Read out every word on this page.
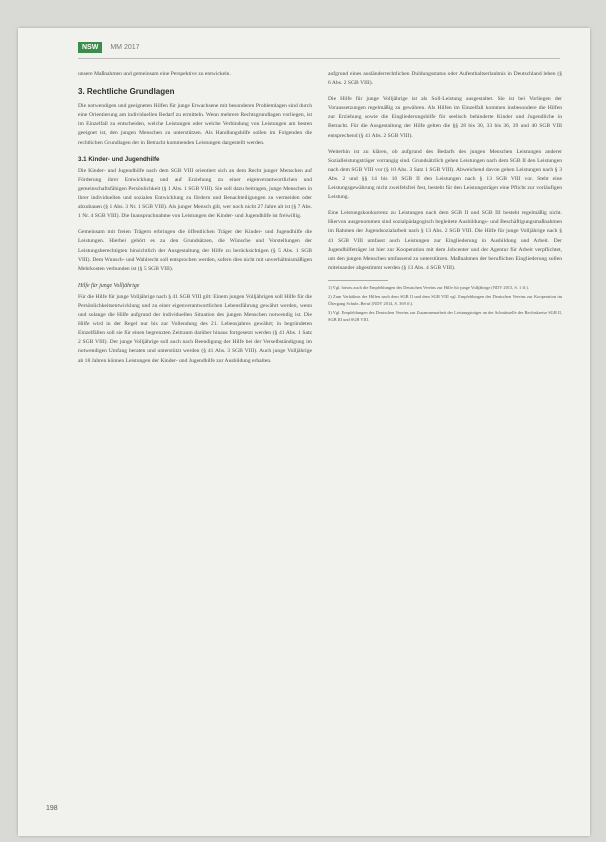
NSW	MM 2017

unsere Maßnahmen und gemeinsam eine Perspektive zu entwickeln.

3. Rechtliche Grundlagen

Die notwendigen und geeigneten Hilfen für junge Erwachsene mit besonderen Problemlagen sind durch eine Orientierung am individuellen Bedarf zu ermitteln. Wenn mehrere Rechtsgrundlagen vorliegen, ist im Einzelfall zu entscheiden, welche Leistungen oder welche Verbindung von Leistungen am besten geeignet ist, den jungen Menschen zu unterstützen. Als Handlungshilfe sollen im Folgenden die rechtlichen Grundlagen der in Betracht kommenden Leistungen dargestellt werden.

3.1 Kinder- und Jugendhilfe

Die Kinder- und Jugendhilfe nach dem SGB VIII orientiert sich an dem Recht junger Menschen auf Förderung ihrer Entwicklung und auf Erziehung zu einer eigenverantwortlichen und gemeinschaftsfähigen Persönlichkeit (§ 1 Abs. 1 SGB VIII). Sie soll dazu beitragen, junge Menschen in ihrer individuellen und sozialen Entwicklung zu fördern und Benachteiligungen zu vermeiden oder abzubauen (§ 1 Abs. 3 Nr. 1 SGB VIII). Als junger Mensch gilt, wer noch nicht 27 Jahre alt ist (§ 7 Abs. 1 Nr. 4 SGB VIII). Die Inanspruchnahme von Leistungen der Kinder- und Jugendhilfe ist freiwillig.

Gemeinsam mit freien Trägern erbringen die öffentlichen Träger der Kinder- und Jugendhilfe die Leistungen. Hierbei gehört es zu den Grundsätzen, die Wünsche und Vorstellungen der Leistungsberechtigten hinsichtlich der Ausgestaltung der Hilfe zu berücksichtigen (§ 5 Abs. 1 SGB VIII). Dem Wunsch- und Wahlrecht soll entsprochen werden, sofern dies nicht mit unverhältnismäßigen Mehrkosten verbunden ist (§ 5 SGB VIII).

Hilfe für junge Volljährige

Für die Hilfe für junge Volljährige nach § 41 SGB VIII gilt: Einem jungen Volljährigen soll Hilfe für die Persönlichkeitsentwicklung und zu einer eigenverantwortlichen Lebensführung gewährt werden, wenn und solange die Hilfe aufgrund der individuellen Situation des jungen Menschen notwendig ist. Die Hilfe wird in der Regel nur bis zur Vollendung des 21. Lebensjahres gewährt; in begründeten Einzelfällen soll sie für einen begrenzten Zeitraum darüber hinaus fortgesetzt werden (§ 41 Abs. 1 Satz 2 SGB VIII). Der junge Volljährige soll auch nach Beendigung der Hilfe bei der Verselbständigung im notwendigen Umfang beraten und unterstützt werden (§ 41 Abs. 3 SGB VIII). Auch junge Volljährige ab 18 Jahren können Leistungen der Kinder- und Jugendhilfe zur Ausbildung erhalten.

aufgrund eines ausländerrechtlichen Duldungsstatus oder Aufenthaltserlaubnis in Deutschland leben (§ 6 Abs. 2 SGB VIII).

Die Hilfe für junge Volljährige ist als Soll-Leistung ausgestaltet. Sie ist bei Vorliegen der Voraussetzungen regelmäßig zu gewähren. Als Hilfen im Einzelfall kommen insbesondere die Hilfen zur Erziehung sowie die Eingliederungshilfe für seelisch behinderte Kinder und Jugendliche in Betracht. Für die Ausgestaltung der Hilfe gelten die §§ 28 bis 30, 33 bis 36, 39 und 40 SGB VIII entsprechend (§ 41 Abs. 2 SGB VIII).

Weiterhin ist zu klären, ob aufgrund des Bedarfs des jungen Menschen Leistungen anderer Sozialleistungsträger vorrangig sind. Grundsätzlich gehen Leistungen nach dem SGB II den Leistungen nach dem SGB VIII vor (§ 10 Abs. 3 Satz 1 SGB VIII). Abweichend davon gehen Leistungen nach § 3 Abs. 2 und §§ 14 bis 16 SGB II den Leistungen nach § 13 SGB VIII vor. Steht eine Leistungsgewährung nicht zweifelsfrei fest, besteht für den Leistungsträger eine Pflicht zur vorläufigen Leistung.

Eine Leistungskonkurrenz zu Leistungen nach dem SGB II und SGB III besteht regelmäßig nicht. Hiervon ausgenommen sind sozialpädagogisch begleitete Ausbildungs- und Beschäftigungsmaßnahmen im Rahmen der Jugendsozialarbeit nach § 13 Abs. 2 SGB VIII. Die Hilfe für junge Volljährige nach § 41 SGB VIII umfasst auch Leistungen zur Eingliederung in Ausbildung und Arbeit. Der Jugendhilfeträger ist hier zur Kooperation mit dem Jobcenter und der Agentur für Arbeit verpflichtet, um den jungen Menschen umfassend zu unterstützen. Maßnahmen der beruflichen Eingliederung sollen miteinander abgestimmt werden (§ 13 Abs. 4 SGB VIII).

1) Vgl. hierzu auch die Empfehlungen des Deutschen Vereins zur Hilfe für junge Volljährige (NDV 2015, S. 1 ff.).
2) Zum Verhältnis der Hilfen nach dem SGB II und dem SGB VIII vgl. Empfehlungen des Deutschen Vereins zur Kooperation im Übergang Schule–Beruf (NDV 2014, S. 369 ff.).
3) Vgl. Empfehlungen des Deutschen Vereins zur Zusammenarbeit der Leistungsträger an der Schnittstelle der Rechtskreise SGB II, SGB III und SGB VIII.
198
